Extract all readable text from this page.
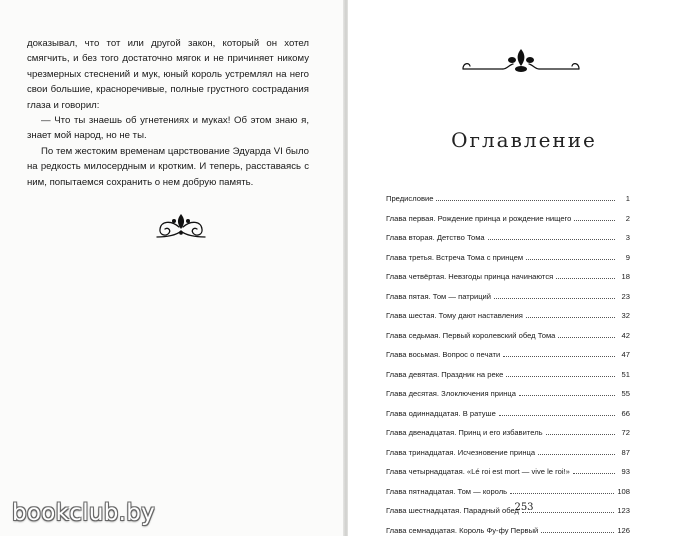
доказывал, что тот или другой закон, который он хотел смягчить, и без того достаточно мягок и не причиняет никому чрезмерных стеснений и мук, юный король устремлял на него свои большие, красноречивые, полные грустного сострадания глаза и говорил:

— Что ты знаешь об угнетениях и муках! Об этом знаю я, знает мой народ, но не ты.

По тем жестоким временам царствование Эдуарда VI было на редкость милосердным и кротким. И теперь, расставаясь с ним, попытаемся сохранить о нем добрую память.

Оглавление
Предисловие	1
Глава первая. Рождение принца и рождение нищего	2
Глава вторая. Детство Тома	3
Глава третья. Встреча Тома с принцем	9
Глава четвёртая. Невзгоды принца начинаются	18
Глава пятая. Том — патриций	23
Глава шестая. Тому дают наставления	32
Глава седьмая. Первый королевский обед Тома	42
Глава восьмая. Вопрос о печати	47
Глава девятая. Праздник на реке	51
Глава десятая. Злоключения принца	55
Глава одиннадцатая. В ратуше	66
Глава двенадцатая. Принц и его избавитель	72
Глава тринадцатая. Исчезновение принца	87
Глава четырнадцатая. «Lé roi est mort — vive le roi!»	93
Глава пятнадцатая. Том — король	108
Глава шестнадцатая. Парадный обед	123
Глава семнадцатая. Король Фу-фу Первый	126
253
bookclub.by
